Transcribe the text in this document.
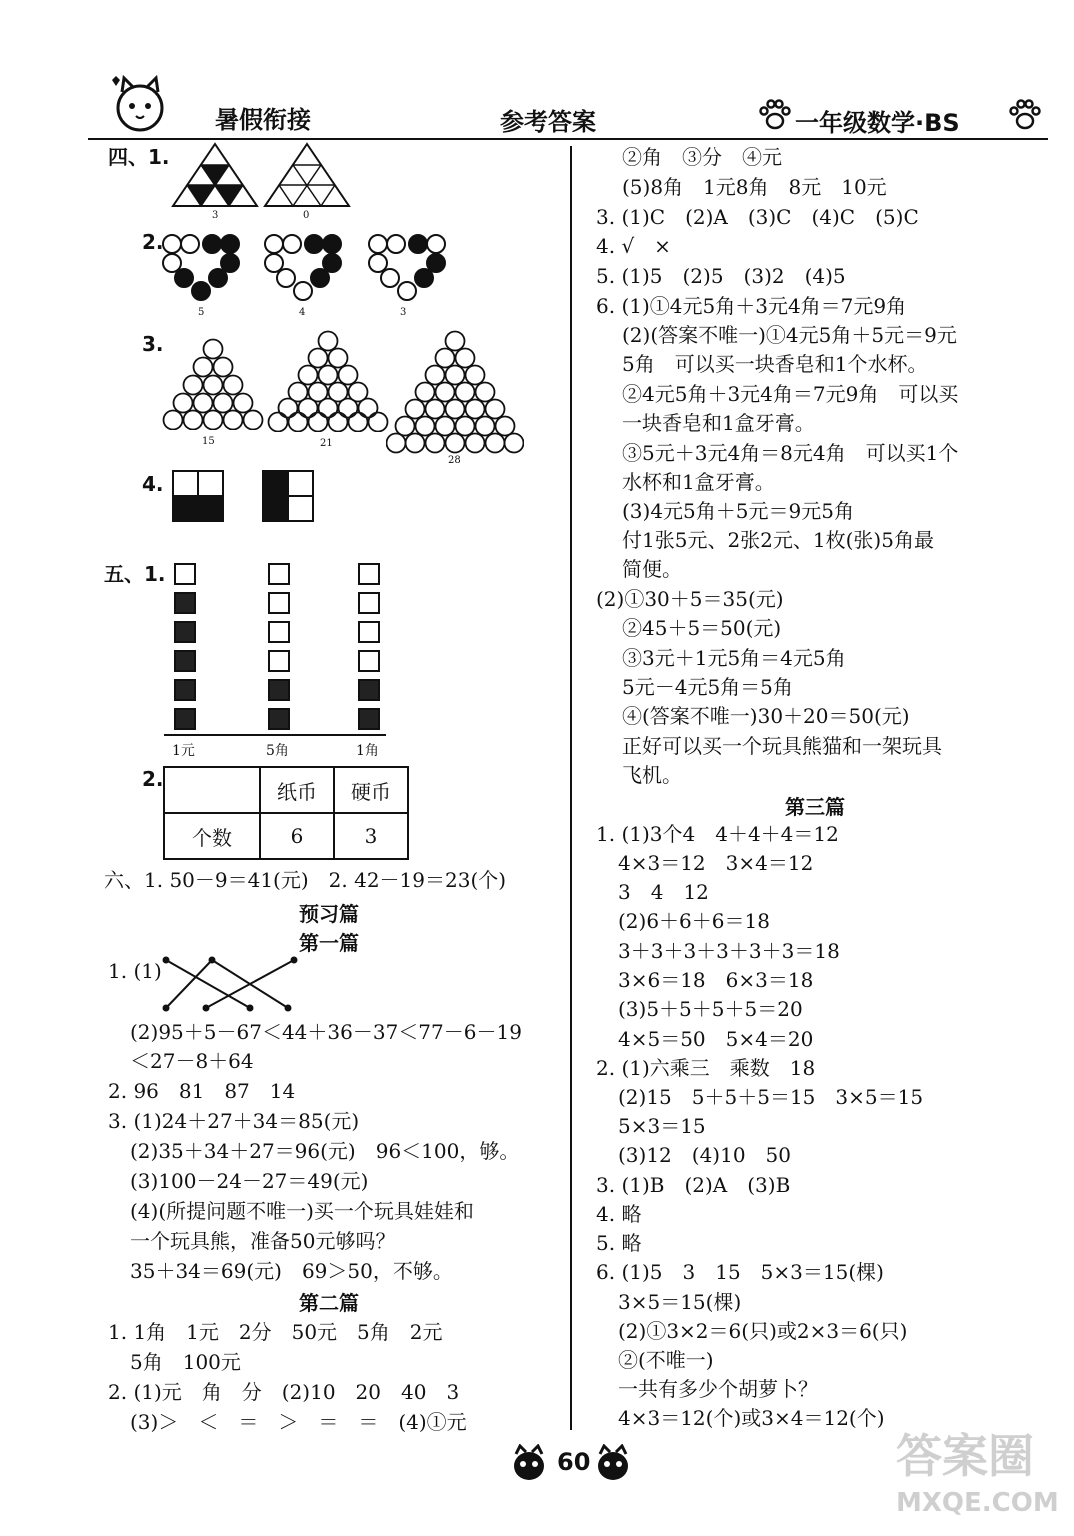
暑假衔接	参考答案	一年级数学·BS
四、1.
3	0
2.
5	4	3
3.
15	21
28
4.
五、1.
1元	5角	1角
2.
	纸币	硬币
个数	6	3
六、1. 50－9＝41(元)　2. 42－19＝23(个)
预习篇
第一篇
1. (1)
(2)95＋5－67＜44＋36－37＜77－6－19
＜27－8＋64
2. 96　81　87　14
3. (1)24＋27＋34＝85(元)
(2)35＋34＋27＝96(元)　96＜100，够。
(3)100－24－27＝49(元)
(4)(所提问题不唯一)买一个玩具娃娃和
一个玩具熊，准备50元够吗？
35＋34＝69(元)　69＞50，不够。
第二篇
1. 1角　1元　2分　50元　5角　2元
5角　100元
2. (1)元　角　分　(2)10　20　40　3
(3)＞　＜　＝　＞　＝　＝　(4)①元
②角　③分　④元
(5)8角　1元8角　8元　10元
3. (1)C　(2)A　(3)C　(4)C　(5)C
4. √　×
5. (1)5　(2)5　(3)2　(4)5
6. (1)①4元5角＋3元4角＝7元9角
(2)(答案不唯一)①4元5角＋5元＝9元
5角　可以买一块香皂和1个水杯。
②4元5角＋3元4角＝7元9角　可以买
一块香皂和1盒牙膏。
③5元＋3元4角＝8元4角　可以买1个
水杯和1盒牙膏。
(3)4元5角＋5元＝9元5角
付1张5元、2张2元、1枚(张)5角最
简便。
(2)①30＋5＝35(元)
②45＋5＝50(元)
③3元＋1元5角＝4元5角
5元－4元5角＝5角
④(答案不唯一)30＋20＝50(元)
正好可以买一个玩具熊猫和一架玩具
飞机。
第三篇
1. (1)3个4　4＋4＋4＝12
4×3＝12　3×4＝12
3　4　12
(2)6＋6＋6＝18
3＋3＋3＋3＋3＋3＝18
3×6＝18　6×3＝18
(3)5＋5＋5＋5＝20
4×5＝50　5×4＝20
2. (1)六乘三　乘数　18
(2)15　5＋5＋5＝15　3×5＝15
5×3＝15
(3)12　(4)10　50
3. (1)B　(2)A　(3)B
4. 略
5. 略
6. (1)5　3　15　5×3＝15(棵)
3×5＝15(棵)
(2)①3×2＝6(只)或2×3＝6(只)
②(不唯一)
一共有多少个胡萝卜？
4×3＝12(个)或3×4＝12(个)
60	答案圈
MXQE.COM
